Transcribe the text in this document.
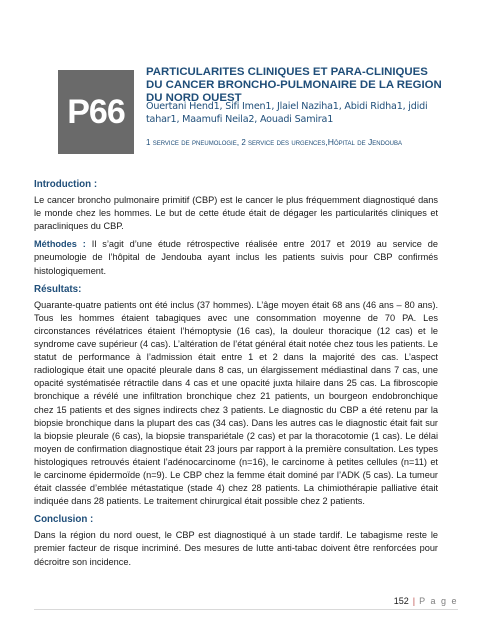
P66
PARTICULARITES CLINIQUES ET PARA-CLINIQUES DU CANCER BRONCHO-PULMONAIRE DE LA REGION DU NORD OUEST
Ouertani Hend1, Sifi Imen1, Jlaiel Naziha1, Abidi Ridha1, jdidi tahar1, Maamufi Neila2, Aouadi Samira1
1 service de pneumologie, 2 service des urgences,Hôpital de Jendouba
Introduction :

Le cancer broncho pulmonaire primitif (CBP) est le cancer le plus fréquemment diagnostiqué dans le monde chez les hommes. Le but de cette étude était de dégager les particularités cliniques et paracliniques du CBP.

Méthodes : Il s’agit d’une étude rétrospective réalisée entre 2017 et 2019 au service de pneumologie de l’hôpital de Jendouba ayant inclus les patients suivis pour CBP confirmés histologiquement.

Résultats:

Quarante-quatre patients ont été inclus (37 hommes). L’âge moyen était 68 ans (46 ans – 80 ans). Tous les hommes étaient tabagiques avec une consommation moyenne de 70 PA. Les circonstances révélatrices étaient l’hémoptysie (16 cas), la douleur thoracique (12 cas) et le syndrome cave supérieur (4 cas). L’altération de l’état général était notée chez tous les patients. Le statut de performance à l’admission était entre 1 et 2 dans la majorité des cas. L’aspect radiologique était une opacité pleurale dans 8 cas, un élargissement médiastinal dans 7 cas, une opacité systématisée rétractile dans 4 cas et une opacité juxta hilaire dans 25 cas. La fibroscopie bronchique a révélé une infiltration bronchique chez 21 patients, un bourgeon endobronchique chez 15 patients et des signes indirects chez 3 patients. Le diagnostic du CBP a été retenu par la biopsie bronchique dans la plupart des cas (34 cas). Dans les autres cas le diagnostic était fait sur la biopsie pleurale (6 cas), la biopsie transpariétale (2 cas) et par la thoracotomie (1 cas). Le délai moyen de confirmation diagnostique était 23 jours par rapport à la première consultation. Les types histologiques retrouvés étaient l’adénocarcinome (n=16), le carcinome à petites cellules (n=11) et le carcinome épidermoïde (n=9). Le CBP chez la femme était dominé par l’ADK (5 cas). La tumeur était classée d’emblée métastatique (stade 4) chez 28 patients. La chimiothérapie palliative était indiquée dans 28 patients. Le traitement chirurgical était possible chez 2 patients.

Conclusion :

Dans la région du nord ouest, le CBP est diagnostiqué à un stade tardif. Le tabagisme reste le premier facteur de risque incriminé. Des mesures de lutte anti-tabac doivent être renforcées pour décroitre son incidence.

152 | P a g e
